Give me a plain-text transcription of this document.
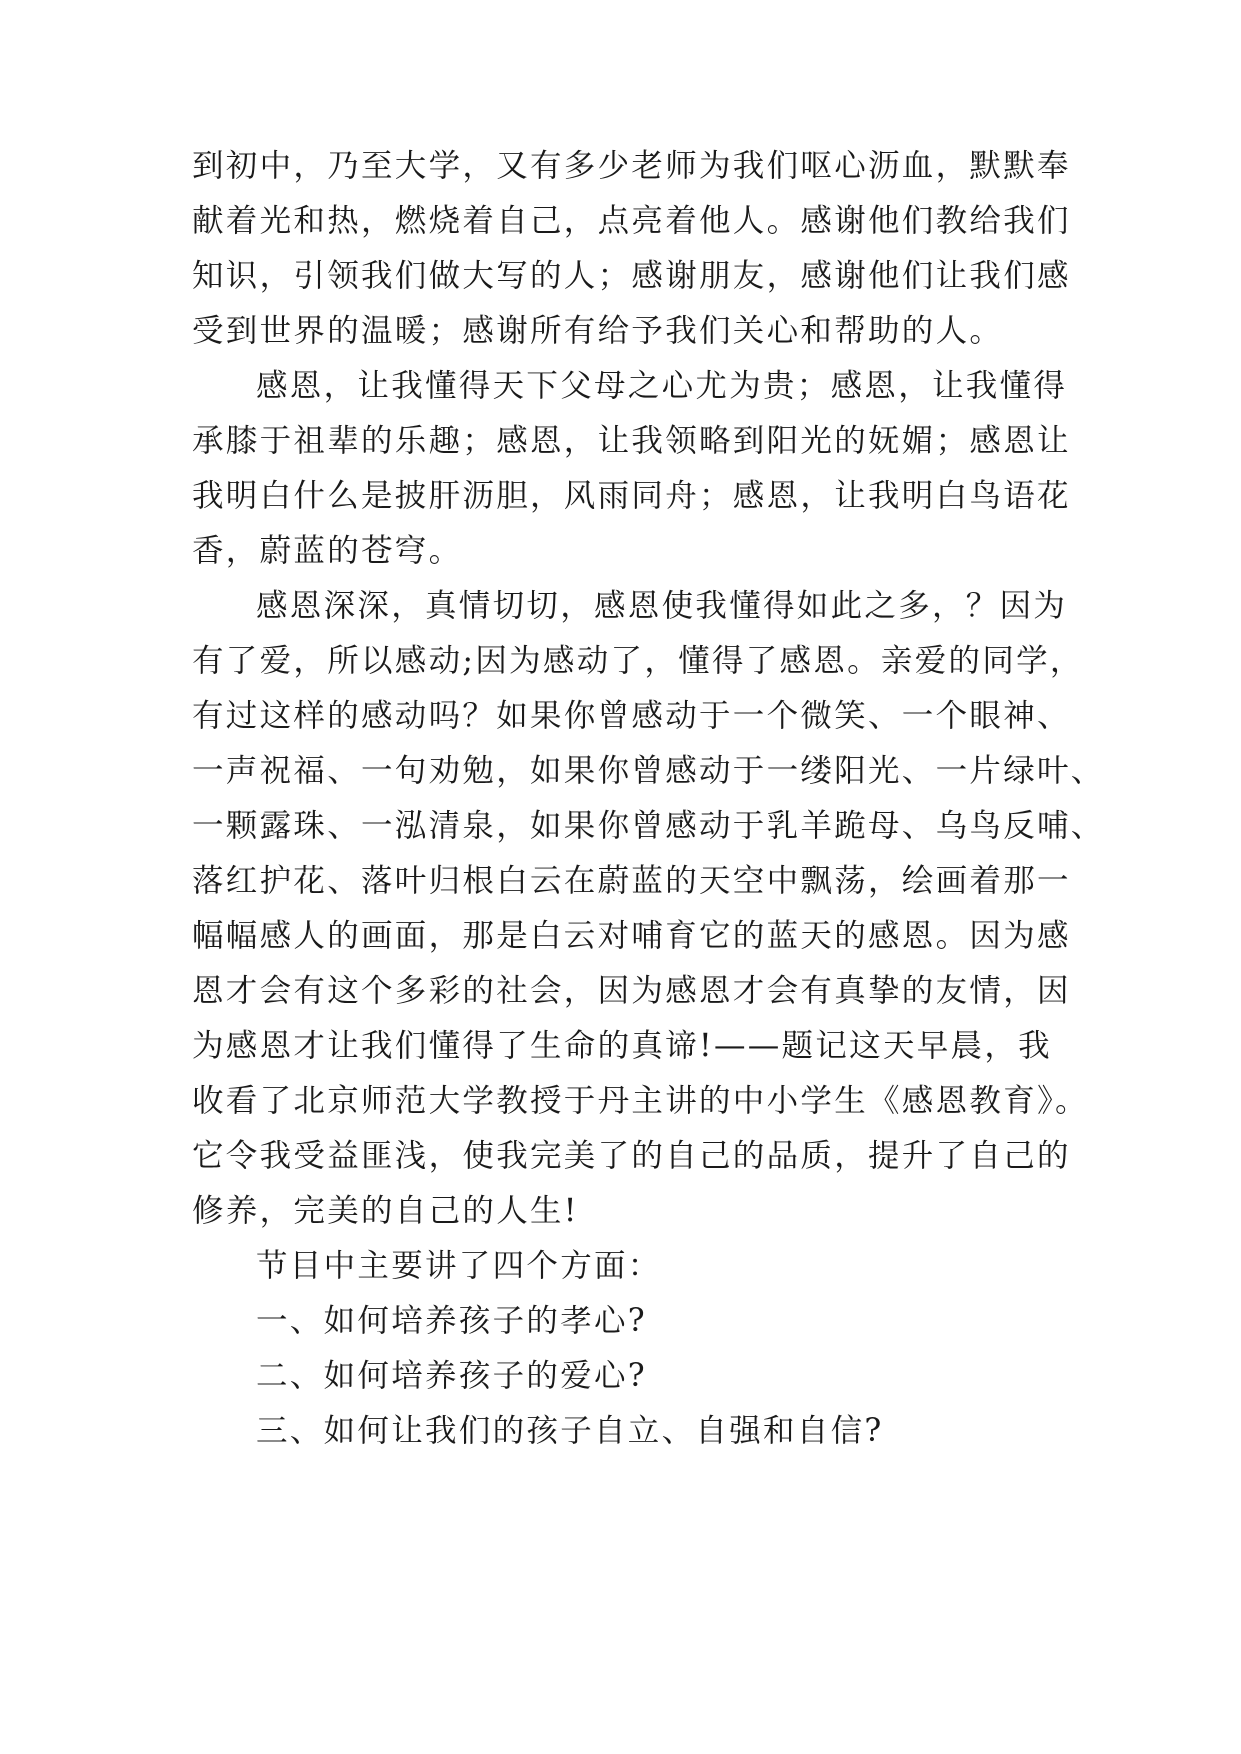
到初中，乃至大学，又有多少老师为我们呕心沥血，默默奉
献着光和热，燃烧着自己，点亮着他人。感谢他们教给我们
知识，引领我们做大写的人；感谢朋友，感谢他们让我们感
受到世界的温暖；感谢所有给予我们关心和帮助的人。
感恩，让我懂得天下父母之心尤为贵；感恩，让我懂得
承膝于祖辈的乐趣；感恩，让我领略到阳光的妩媚；感恩让
我明白什么是披肝沥胆，风雨同舟；感恩，让我明白鸟语花
香，蔚蓝的苍穹。
感恩深深，真情切切，感恩使我懂得如此之多，？因为
有了爱，所以感动;因为感动了，懂得了感恩。亲爱的同学，
有过这样的感动吗？如果你曾感动于一个微笑、一个眼神、
一声祝福、一句劝勉，如果你曾感动于一缕阳光、一片绿叶、
一颗露珠、一泓清泉，如果你曾感动于乳羊跪母、乌鸟反哺、
落红护花、落叶归根白云在蔚蓝的天空中飘荡，绘画着那一
幅幅感人的画面，那是白云对哺育它的蓝天的感恩。因为感
恩才会有这个多彩的社会，因为感恩才会有真挚的友情，因
为感恩才让我们懂得了生命的真谛!——题记这天早晨，我
收看了北京师范大学教授于丹主讲的中小学生《感恩教育》。
它令我受益匪浅，使我完美了的自己的品质，提升了自己的
修养，完美的自己的人生!
节目中主要讲了四个方面：
一、如何培养孩子的孝心?
二、如何培养孩子的爱心?
三、如何让我们的孩子自立、自强和自信?
